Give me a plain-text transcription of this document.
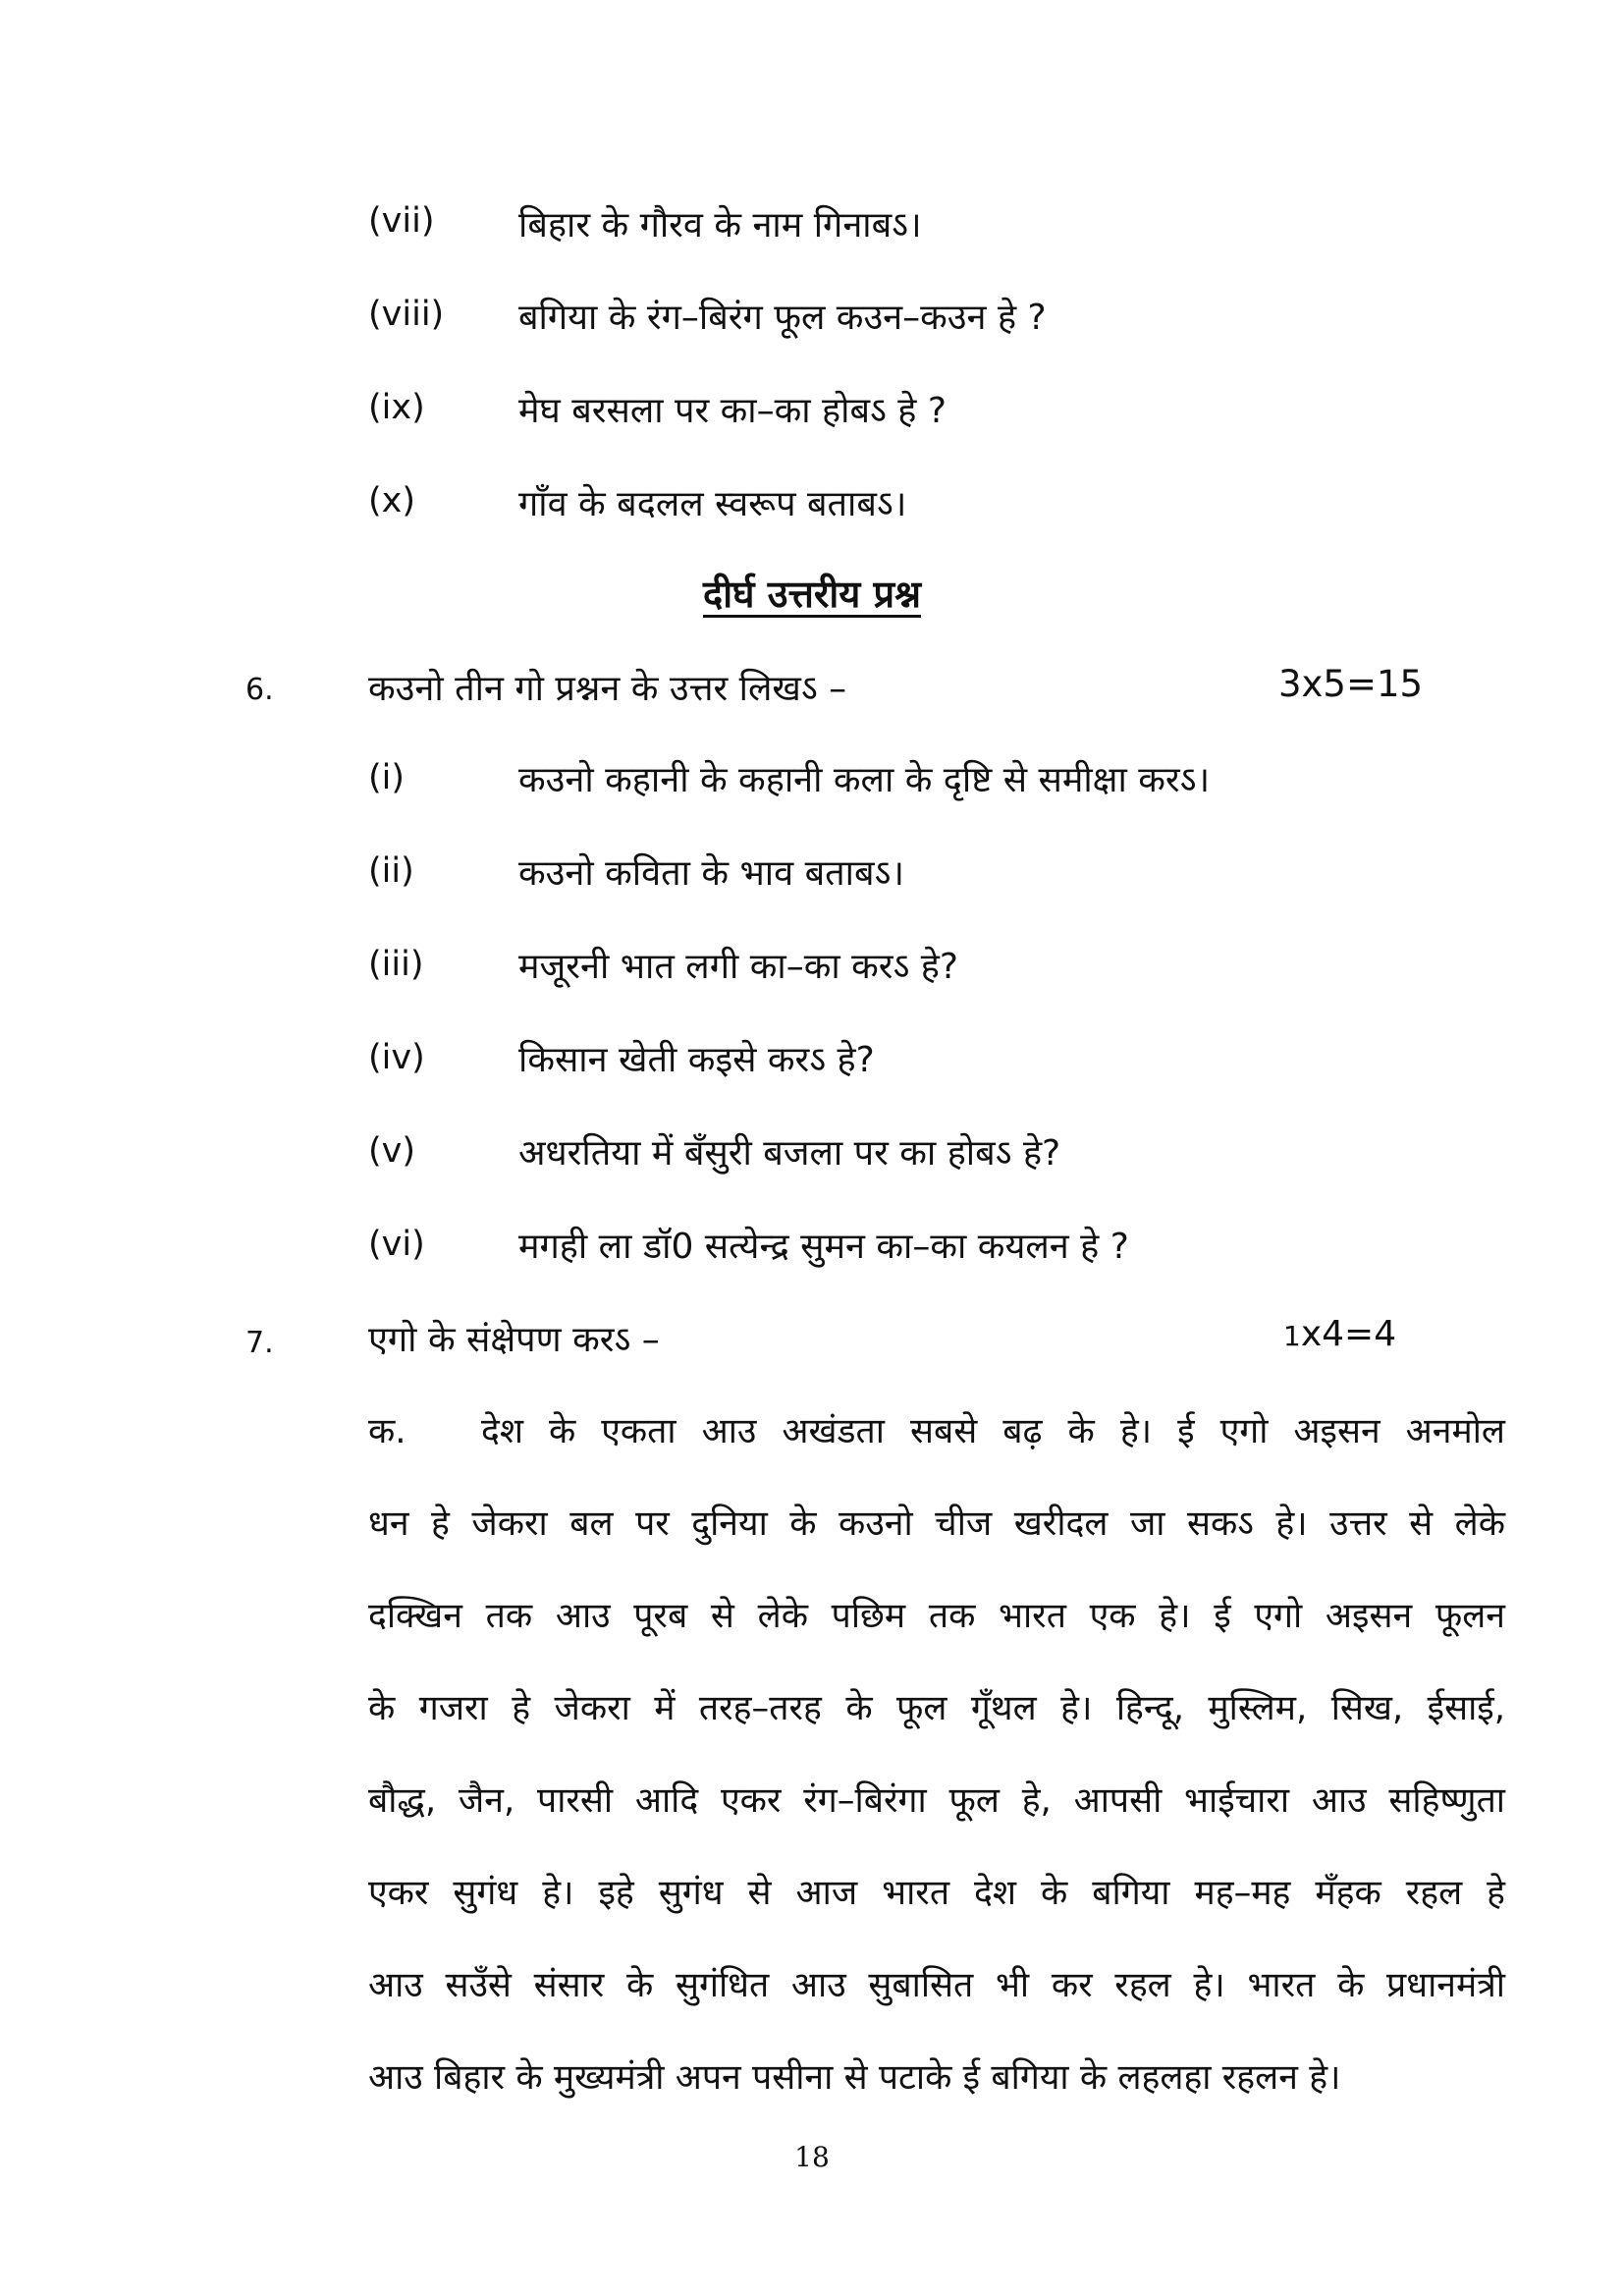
(vii) बिहार के गौरव के नाम गिनाबऽ।
(viii) बगिया के रंग–बिरंग फूल कउन–कउन हे ?
(ix)	मेघ बरसला पर का–का होबऽ हे ?
(x)	गाँव के बदलल स्वरूप बताबऽ।
दीर्घ उत्तरीय प्रश्न
6.	कउनो तीन गो प्रश्नन के उत्तर लिखऽ –	3x5=15
(i)	कउनो कहानी के कहानी कला के दृष्टि से समीक्षा करऽ।
(ii)	कउनो कविता के भाव बताबऽ।
(iii)	मजूरनी भात लगी का–का करऽ हे?
(iv)	किसान खेती कइसे करऽ हे?
(v)	अधरतिया में बँसुरी बजला पर का होबऽ हे?
(vi)	मगही ला डॉ0 सत्येन्द्र सुमन का–का कयलन हे ?
7.	एगो के संक्षेपण करऽ –	1x4=4
क. देश के एकता आउ अखंडता सबसे बढ़ के हे। ई एगो अइसन अनमोल
धन हे जेकरा बल पर दुनिया के कउनो चीज खरीदल जा सकऽ हे। उत्तर से लेके
दक्खिन तक आउ पूरब से लेके पछिम तक भारत एक हे। ई एगो अइसन फूलन
के गजरा हे जेकरा में तरह–तरह के फूल गूँथल हे। हिन्दू, मुस्लिम, सिख, ईसाई,
बौद्ध, जैन, पारसी आदि एकर रंग–बिरंगा फूल हे, आपसी भाईचारा आउ सहिष्णुता
एकर सुगंध हे। इहे सुगंध से आज भारत देश के बगिया मह–मह मँहक रहल हे
आउ सउँसे संसार के सुगंधित आउ सुबासित भी कर रहल हे। भारत के प्रधानमंत्री
आउ बिहार के मुख्यमंत्री अपन पसीना से पटाके ई बगिया के लहलहा रहलन हे।
18
